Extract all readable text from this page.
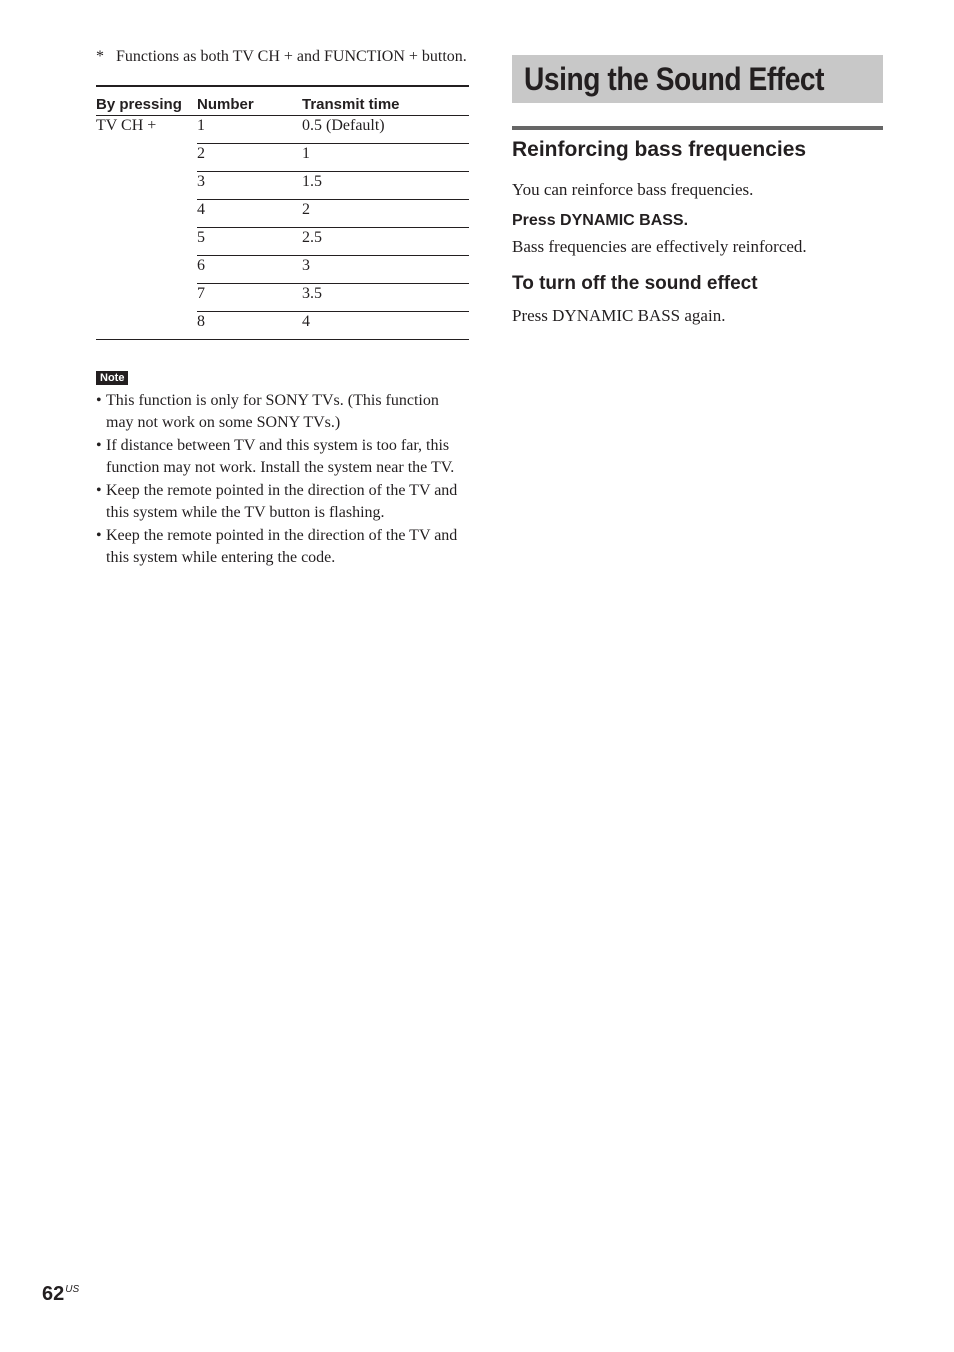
* Functions as both TV CH + and FUNCTION + button.
By pressing	Number	Transmit time
TV CH +	1	0.5 (Default)
	2	1
	3	1.5
	4	2
	5	2.5
	6	3
	7	3.5
	8	4
Note
• This function is only for SONY TVs. (This function may not work on some SONY TVs.)
• If distance between TV and this system is too far, this function may not work. Install the system near the TV.
• Keep the remote pointed in the direction of the TV and this system while the TV button is flashing.
• Keep the remote pointed in the direction of the TV and this system while entering the code.
Using the Sound Effect
Reinforcing bass frequencies

You can reinforce bass frequencies.

Press DYNAMIC BASS.

Bass frequencies are effectively reinforced.

To turn off the sound effect

Press DYNAMIC BASS again.

$62^{US}$
